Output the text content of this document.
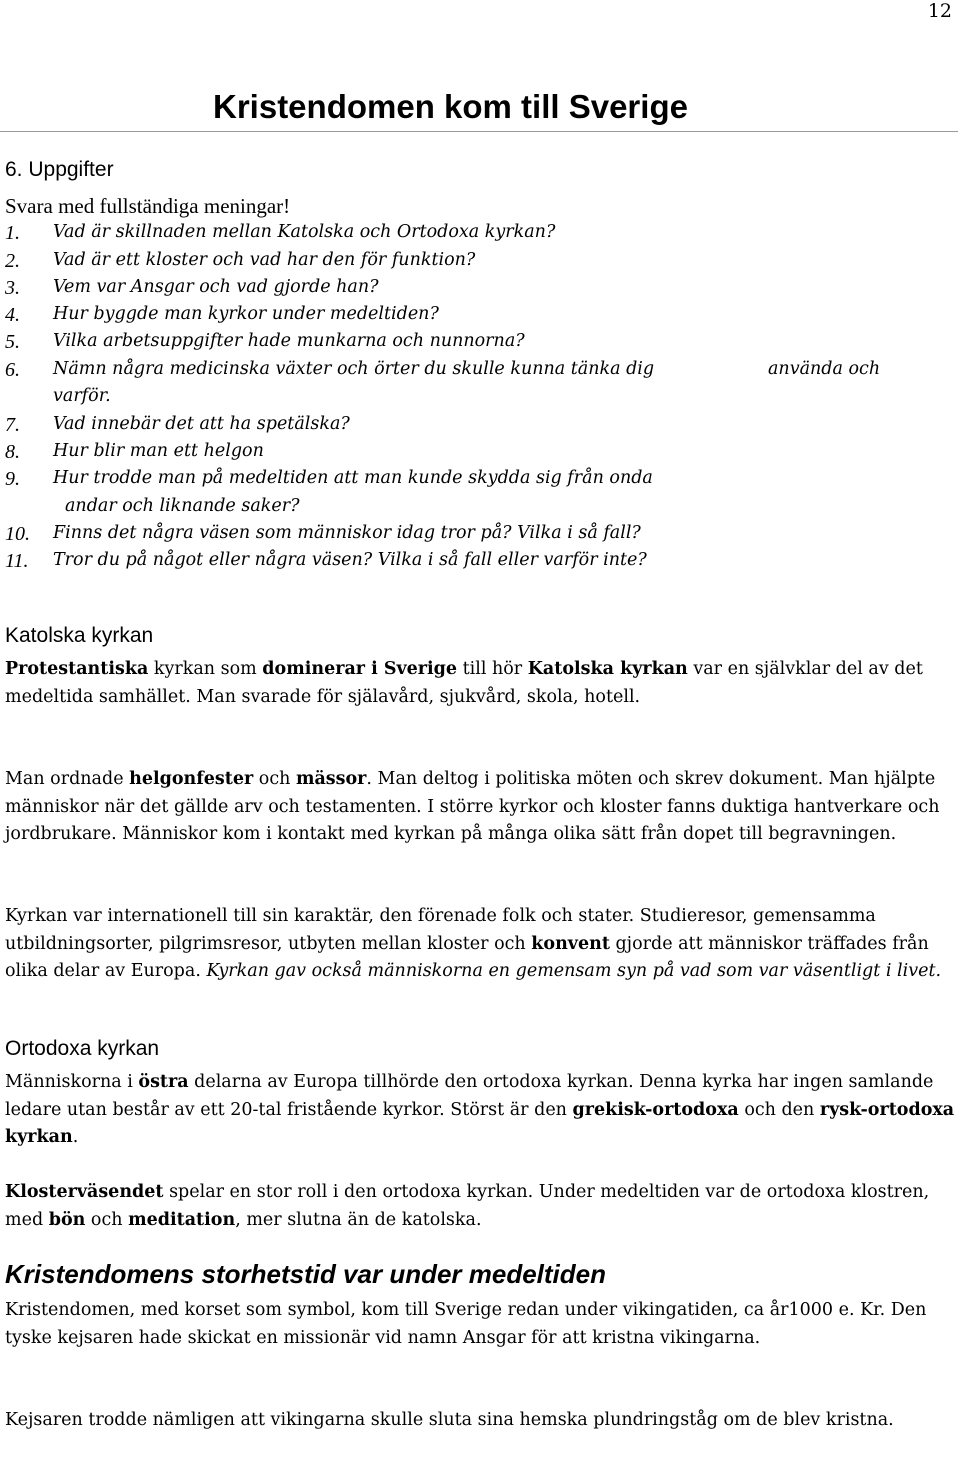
12
Kristendomen kom till Sverige
6. Uppgifter
Svara med fullständiga meningar!
1. Vad är skillnaden mellan Katolska och Ortodoxa kyrkan?
2. Vad är ett kloster och vad har den för funktion?
3. Vem var Ansgar och vad gjorde han?
4. Hur byggde man kyrkor under medeltiden?
5. Vilka arbetsuppgifter hade munkarna och nunnorna?
6. Nämn några medicinska växter och örter du skulle kunna tänka dig	använda och
varför.
7. Vad innebär det att ha spetälska?
8. Hur blir man ett helgon
9. Hur trodde man på medeltiden att man kunde skydda sig från onda
andar och liknande saker?
10. Finns det några väsen som människor idag tror på? Vilka i så fall?
11. Tror du på något eller några väsen? Vilka i så fall eller varför inte?
Katolska kyrkan

Protestantiska kyrkan som dominerar i Sverige till hör Katolska kyrkan var en självklar del av det medeltida samhället. Man svarade för själavård, sjukvård, skola, hotell.

Man ordnade helgonfester och mässor. Man deltog i politiska möten och skrev dokument. Man hjälpte människor när det gällde arv och testamenten. I större kyrkor och kloster fanns duktiga hantverkare och jordbrukare. Människor kom i kontakt med kyrkan på många olika sätt från dopet till begravningen.

Kyrkan var internationell till sin karaktär, den förenade folk och stater. Studieresor, gemensamma utbildningsorter, pilgrimsresor, utbyten mellan kloster och konvent gjorde att människor träffades från olika delar av Europa. Kyrkan gav också människorna en gemensam syn på vad som var väsentligt i livet.

Ortodoxa kyrkan

Människorna i östra delarna av Europa tillhörde den ortodoxa kyrkan. Denna kyrka har ingen samlande ledare utan består av ett 20-tal fristående kyrkor. Störst är den grekisk-ortodoxa och den rysk-ortodoxa kyrkan.

Klosterväsendet spelar en stor roll i den ortodoxa kyrkan. Under medeltiden var de ortodoxa klostren, med bön och meditation, mer slutna än de katolska.

Kristendomens storhetstid var under medeltiden

Kristendomen, med korset som symbol, kom till Sverige redan under vikingatiden, ca år1000 e. Kr. Den tyske kejsaren hade skickat en missionär vid namn Ansgar för att kristna vikingarna.

Kejsaren trodde nämligen att vikingarna skulle sluta sina hemska plundringståg om de blev kristna.
